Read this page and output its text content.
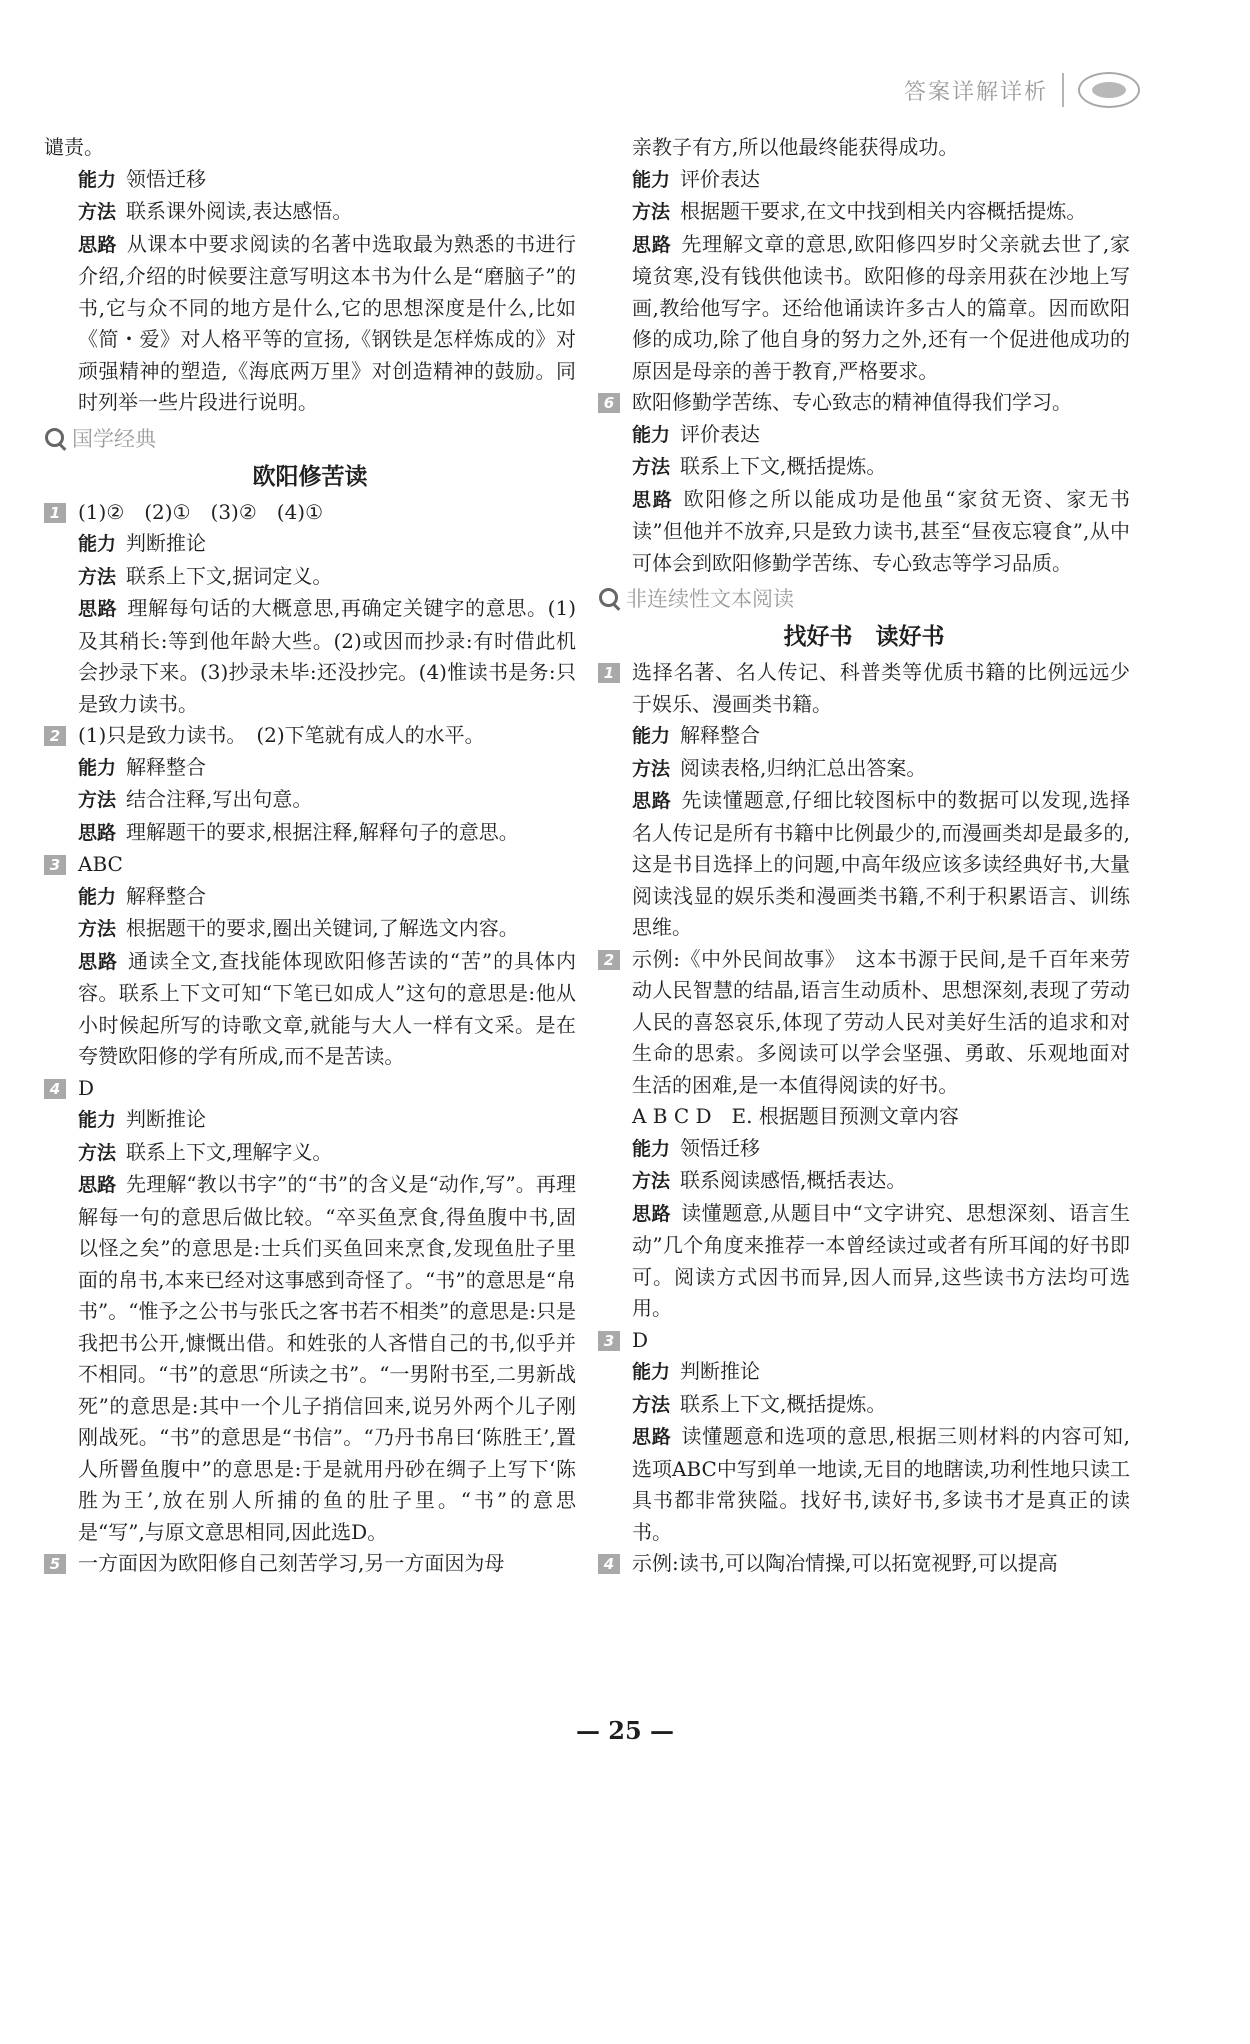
答案详解详析

谴责。

能力 领悟迁移

方法 联系课外阅读,表达感悟。

思路 从课本中要求阅读的名著中选取最为熟悉的书进行介绍,介绍的时候要注意写明这本书为什么是“磨脑子”的书,它与众不同的地方是什么,它的思想深度是什么,比如《简・爱》对人格平等的宣扬,《钢铁是怎样炼成的》对顽强精神的塑造,《海底两万里》对创造精神的鼓励。同时列举一些片段进行说明。

国学经典
欧阳修苦读

1 (1)②　(2)①　(3)②　(4)①

能力 判断推论

方法 联系上下文,据词定义。

思路 理解每句话的大概意思,再确定关键字的意思。(1)及其稍长:等到他年龄大些。(2)或因而抄录:有时借此机会抄录下来。(3)抄录未毕:还没抄完。(4)惟读书是务:只是致力读书。

2 (1)只是致力读书。　(2)下笔就有成人的水平。

能力 解释整合

方法 结合注释,写出句意。

思路 理解题干的要求,根据注释,解释句子的意思。

3 ABC

能力 解释整合

方法 根据题干的要求,圈出关键词,了解选文内容。

思路 通读全文,查找能体现欧阳修苦读的“苦”的具体内容。联系上下文可知“下笔已如成人”这句的意思是:他从小时候起所写的诗歌文章,就能与大人一样有文采。是在夸赞欧阳修的学有所成,而不是苦读。

4 D

能力 判断推论

方法 联系上下文,理解字义。

思路 先理解“教以书字”的“书”的含义是“动作,写”。再理解每一句的意思后做比较。“卒买鱼烹食,得鱼腹中书,固以怪之矣”的意思是:士兵们买鱼回来烹食,发现鱼肚子里面的帛书,本来已经对这事感到奇怪了。“书”的意思是“帛书”。“惟予之公书与张氏之客书若不相类”的意思是:只是我把书公开,慷慨出借。和姓张的人吝惜自己的书,似乎并不相同。“书”的意思“所读之书”。“一男附书至,二男新战死”的意思是:其中一个儿子捎信回来,说另外两个儿子刚刚战死。“书”的意思是“书信”。“乃丹书帛曰‘陈胜王’,置人所罾鱼腹中”的意思是:于是就用丹砂在绸子上写下‘陈胜为王’,放在别人所捕的鱼的肚子里。“书”的意思是“写”,与原文意思相同,因此选D。

5 一方面因为欧阳修自己刻苦学习,另一方面因为母

亲教子有方,所以他最终能获得成功。

能力 评价表达

方法 根据题干要求,在文中找到相关内容概括提炼。

思路 先理解文章的意思,欧阳修四岁时父亲就去世了,家境贫寒,没有钱供他读书。欧阳修的母亲用荻在沙地上写画,教给他写字。还给他诵读许多古人的篇章。因而欧阳修的成功,除了他自身的努力之外,还有一个促进他成功的原因是母亲的善于教育,严格要求。

6 欧阳修勤学苦练、专心致志的精神值得我们学习。

能力 评价表达

方法 联系上下文,概括提炼。

思路 欧阳修之所以能成功是他虽“家贫无资、家无书读”但他并不放弃,只是致力读书,甚至“昼夜忘寝食”,从中可体会到欧阳修勤学苦练、专心致志等学习品质。

非连续性文本阅读
找好书　读好书

1 选择名著、名人传记、科普类等优质书籍的比例远远少于娱乐、漫画类书籍。

能力 解释整合

方法 阅读表格,归纳汇总出答案。

思路 先读懂题意,仔细比较图标中的数据可以发现,选择名人传记是所有书籍中比例最少的,而漫画类却是最多的,这是书目选择上的问题,中高年级应该多读经典好书,大量阅读浅显的娱乐类和漫画类书籍,不利于积累语言、训练思维。

2 示例:《中外民间故事》　这本书源于民间,是千百年来劳动人民智慧的结晶,语言生动质朴、思想深刻,表现了劳动人民的喜怒哀乐,体现了劳动人民对美好生活的追求和对生命的思索。多阅读可以学会坚强、勇敢、乐观地面对生活的困难,是一本值得阅读的好书。

A B C D　E. 根据题目预测文章内容

能力 领悟迁移

方法 联系阅读感悟,概括表达。

思路 读懂题意,从题目中“文字讲究、思想深刻、语言生动”几个角度来推荐一本曾经读过或者有所耳闻的好书即可。阅读方式因书而异,因人而异,这些读书方法均可选用。

3 D

能力 判断推论

方法 联系上下文,概括提炼。

思路 读懂题意和选项的意思,根据三则材料的内容可知,选项ABC中写到单一地读,无目的地瞎读,功利性地只读工具书都非常狭隘。找好书,读好书,多读书才是真正的读书。

4 示例:读书,可以陶冶情操,可以拓宽视野,可以提高

— 25 —
